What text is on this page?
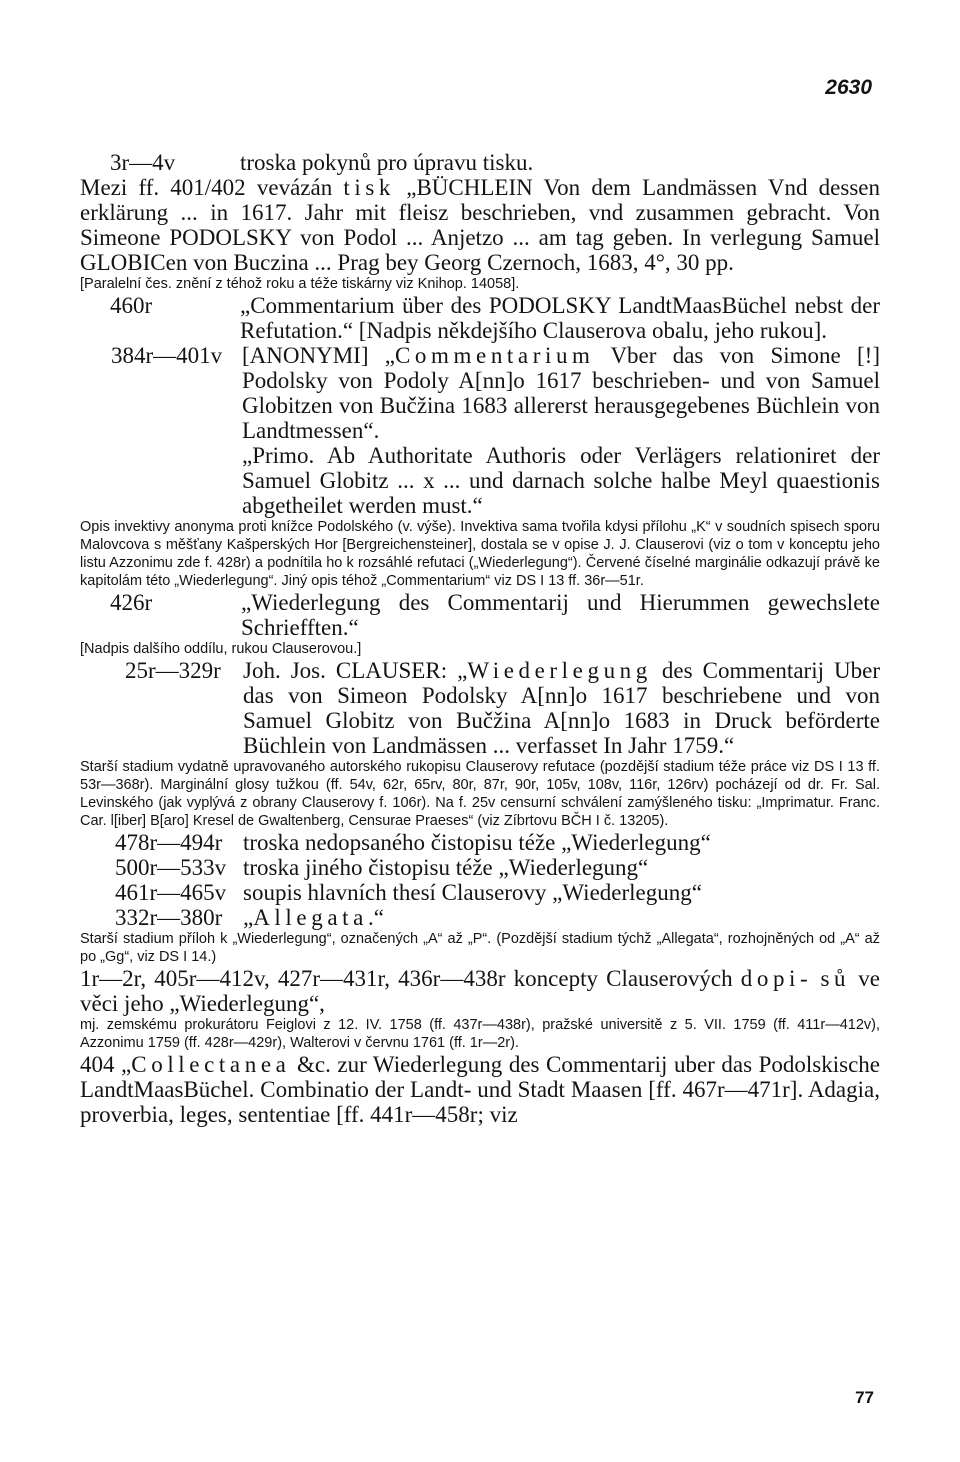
2630
3r—4v	troska pokynů pro úpravu tisku.

Mezi ff. 401/402 vevázán tisk „BÜCHLEIN Von dem Landmässen Vnd dessen erklärung ... in 1617. Jahr mit fleisz beschrieben, vnd zusammen gebracht. Von Simeone PODOLSKY von Podol ... Anjetzo ... am tag geben. In verlegung Samuel GLOBICen von Buczina ... Prag bey Georg Czernoch, 1683, 4°, 30 pp.

[Paralelní čes. znění z téhož roku a téže tiskárny viz Knihop. 14058].

460r	„Commentarium über des PODOLSKY LandtMaasBüchel nebst der Refutation.“ [Nadpis někdejšího Clauserova obalu, jeho rukou].
384r—401v [ANONYMI] „Commentarium Vber das von Simone [!] Podolsky von Podoly A[nn]o 1617 beschrieben- und von Samuel Globitzen von Bučžina 1683 allererst herausgegebenes Büchlein von Landtmessen“.
„Primo. Ab Authoritate Authoris oder Verlägers relationiret der Samuel Globitz ... x ... und darnach solche halbe Meyl quaestionis abgetheilet werden must.“

Opis invektivy anonyma proti knížce Podolského (v. výše). Invektiva sama tvořila kdysi přílohu „K“ v soudních spisech sporu Malovcova s měšťany Kašperských Hor [Bergreichensteiner], dostala se v opise J. J. Clauserovi (viz o tom v konceptu jeho listu Azzonimu zde f. 428r) a podnítila ho k rozsáhlé refutaci („Wiederlegung“). Červené číselné marginálie odkazují právě ke kapitolám této „Wiederlegung“. Jiný opis téhož „Commentarium“ viz DS I 13 ff. 36r—51r.

426r	„Wiederlegung des Commentarij und Hierummen gewechslete Schriefften.“

[Nadpis dalšího oddílu, rukou Clauserovou.]

25r—329r Joh. Jos. CLAUSER: „Wiederlegung des Commentarij Uber das von Simeon Podolsky A[nn]o 1617 beschriebene und von Samuel Globitz von Bučžina A[nn]o 1683 in Druck beförderte Büchlein von Landmässen ... verfasset In Jahr 1759.“

Starší stadium vydatně upravovaného autorského rukopisu Clauserovy refutace (pozdější stadium téže práce viz DS I 13 ff. 53r—368r). Marginální glosy tužkou (ff. 54v, 62r, 65rv, 80r, 87r, 90r, 105v, 108v, 116r, 126rv) pocházejí od dr. Fr. Sal. Levinského (jak vyplývá z obrany Clauserovy f. 106r). Na f. 25v censurní schválení zamýšleného tisku: „Imprimatur. Franc. Car. l[iber] B[aro] Kresel de Gwaltenberg, Censurae Praeses“ (viz Zíbrtovu BČH I č. 13205).

478r—494r troska nedopsaného čistopisu téže „Wiederlegung“
500r—533v troska jiného čistopisu téže „Wiederlegung“
461r—465v soupis hlavních thesí Clauserovy „Wiederlegung“
332r—380r „Allegata.“

Starší stadium příloh k „Wiederlegung“, označených „A“ až „P“. (Pozdější stadium týchž „Allegata“, rozhojněných od „A“ až po „Gg“, viz DS I 14.)

1r—2r, 405r—412v, 427r—431r, 436r—438r koncepty Clauserových dopi- sů ve věci jeho „Wiederlegung“,

mj. zemskému prokurátoru Feiglovi z 12. IV. 1758 (ff. 437r—438r), pražské universitě z 5. VII. 1759 (ff. 411r—412v), Azzonimu 1759 (ff. 428r—429r), Walterovi v červnu 1761 (ff. 1r—2r).

404 „Collectanea &c. zur Wiederlegung des Commentarij uber das Podolskische LandtMaasBüchel. Combinatio der Landt- und Stadt Maasen [ff. 467r—471r]. Adagia, proverbia, leges, sententiae [ff. 441r—458r; viz

77
